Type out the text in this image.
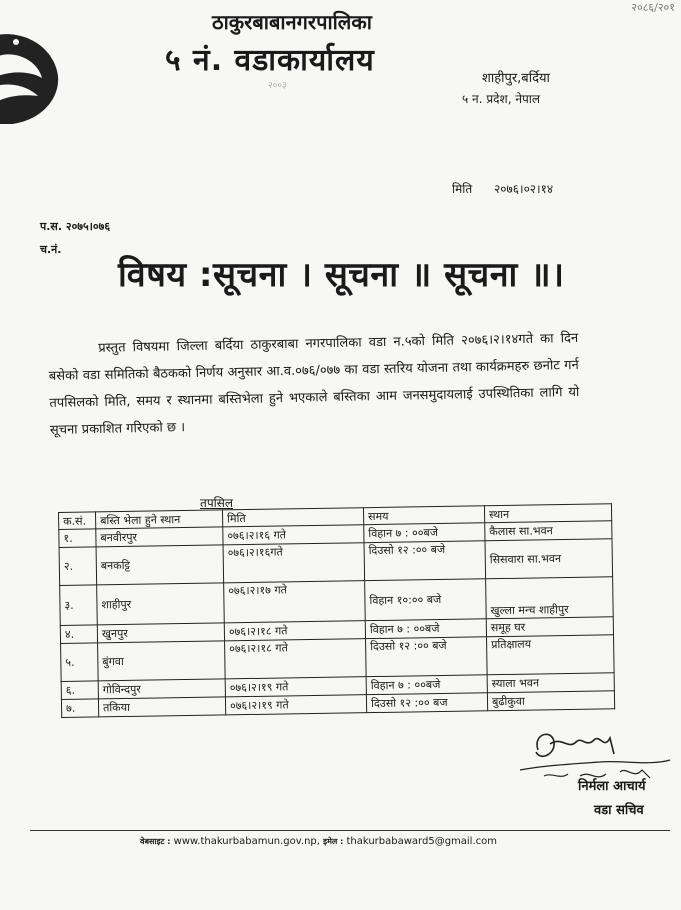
२०८६/२०१
ठाकुरबाबानगरपालिका
५ नं. वडाकार्यालय
२००३	शाहीपुर,बर्दिया
५ न. प्रदेश, नेपाल
मिति २०७६।०२।१४
प.स. २०७५।०७६
च.नं.
विषय :सूचना । सूचना ॥ सूचना ॥।
प्रस्तुत विषयमा जिल्ला बर्दिया ठाकुरबाबा नगरपालिका वडा न.५को मिति २०७६।२।१४गते का दिन बसेको वडा समितिको बैठकको निर्णय अनुसार आ.व.०७६/०७७ का वडा स्तरिय योजना तथा कार्यक्रमहरु छनोट गर्न तपसिलको मिति, समय र स्थानमा बस्तिभेला हुने भएकाले बस्तिका आम जनसमुदायलाई उपस्थितिका लागि यो सूचना प्रकाशित गरिएको छ ।
तपसिल
क.सं.	बस्ति भेला हुने स्थान	मिति	समय	स्थान
१.	बनवीरपुर	०७६।२।१६ गते	विहान ७ : ००बजे	कैलास सा.भवन
२.	बनकट्टि	०७६।२।१६गते	दिउसो १२ :०० बजे	सिसवारा सा.भवन
३.	शाहीपुर	०७६।२।१७ गते	विहान १०:०० बजे	खुल्ला मन्च शाहीपुर
४.	खुनपुर	०७६।२।१८ गते	विहान ७ : ००बजे	समूह घर
५.	बुंगवा	०७६।२।१८ गते	दिउसो १२ :०० बजे	प्रतिक्षालय
६.	गोविन्दपुर	०७६।२।१९ गते	विहान ७ : ००बजे	स्याला भवन
७.	तकिया	०७६।२।१९ गते	दिउसो १२ :०० बज	बुढीकुवा
निर्मला आचार्य
वडा सचिव
वेबसाइट : www.thakurbabamun.gov.np, इमेल : thakurbabaward5@gmail.com
